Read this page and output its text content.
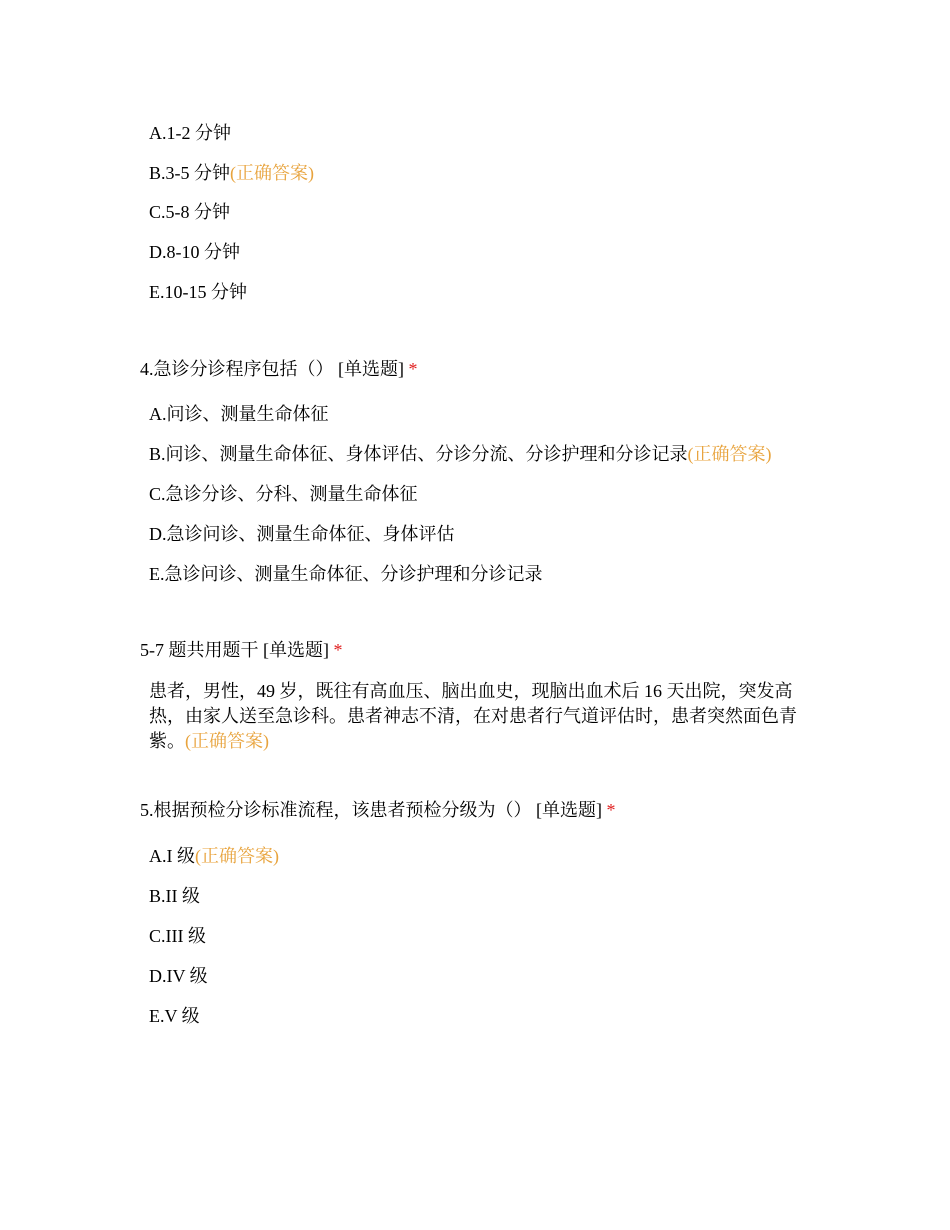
A.1-2 分钟
B.3-5 分钟(正确答案)
C.5-8 分钟
D.8-10 分钟
E.10-15 分钟
4.急诊分诊程序包括（） [单选题] *
A.问诊、测量生命体征
B.问诊、测量生命体征、身体评估、分诊分流、分诊护理和分诊记录(正确答案)
C.急诊分诊、分科、测量生命体征
D.急诊问诊、测量生命体征、身体评估
E.急诊问诊、测量生命体征、分诊护理和分诊记录
5-7 题共用题干 [单选题] *
患者，男性，49 岁，既往有高血压、脑出血史，现脑出血术后 16 天出院，突发高热，由家人送至急诊科。患者神志不清，在对患者行气道评估时，患者突然面色青紫。(正确答案)
5.根据预检分诊标准流程，该患者预检分级为（） [单选题] *
A.I 级(正确答案)
B.II 级
C.III 级
D.IV 级
E.V 级
